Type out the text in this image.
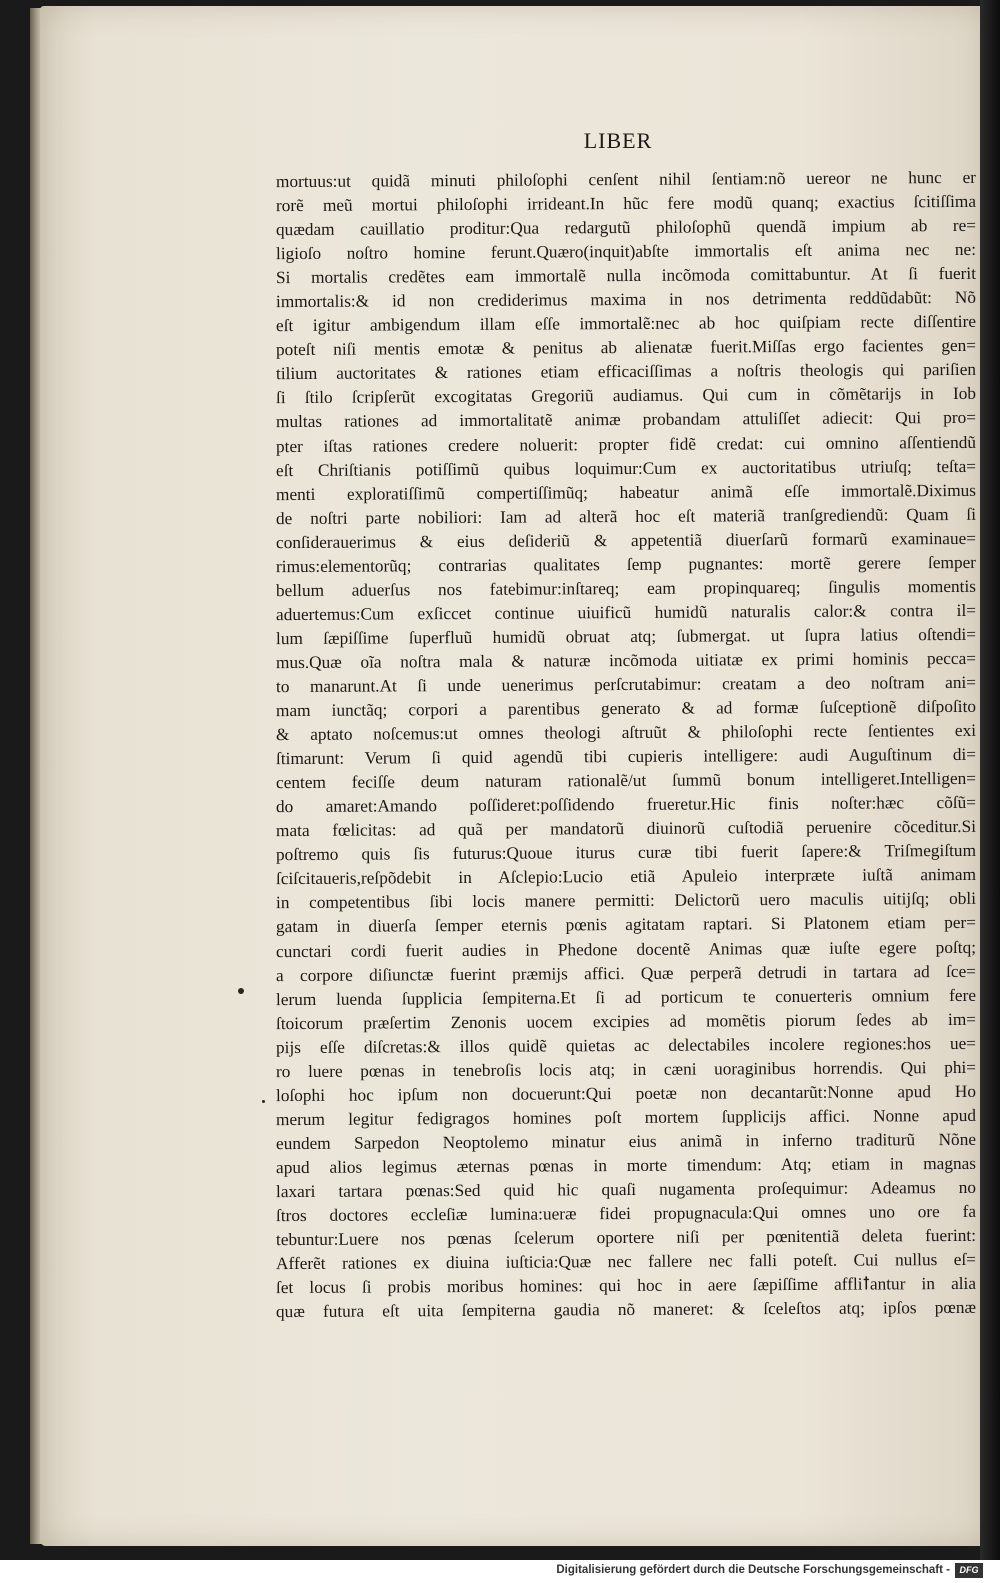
LIBER
mortuus:ut quidã minuti philoſophi cenſent nihil ſentiam:nõ uereor ne hunc er
rorẽ meũ mortui philoſophi irrideant.In hũc fere modũ quanq; exactius ſcitiſſima
quædam cauillatio proditur:Qua redargutũ philoſophũ quendã impium ab re=
ligioſo noſtro homine ferunt.Quæro(inquit)abſte immortalis eſt anima nec ne:
Si mortalis credẽtes eam immortalẽ nulla incõmoda comittabuntur. At ſi fuerit
immortalis:& id non crediderimus maxima in nos detrimenta reddũdabũt: Nõ
eſt igitur ambigendum illam eſſe immortalẽ:nec ab hoc quiſpiam recte diſſentire
poteſt niſi mentis emotæ & penitus ab alienatæ fuerit.Miſſas ergo facientes gen=
tilium auctoritates & rationes etiam efficaciſſimas a noſtris theologis qui pariſien
ſi ſtilo ſcripſerũt excogitatas Gregoriũ audiamus. Qui cum in cõmẽtarijs in Iob
multas rationes ad immortalitatẽ animæ probandam attuliſſet adiecit: Qui pro=
pter iſtas rationes credere noluerit: propter fidẽ credat: cui omnino aſſentiendũ
eſt Chriſtianis potiſſimũ quibus loquimur:Cum ex auctoritatibus utriuſq; teſta=
menti exploratiſſimũ compertiſſimũq; habeatur animã eſſe immortalẽ.Diximus
de noſtri parte nobiliori: Iam ad alterã hoc eſt materiã tranſgrediendũ: Quam ſi
conſiderauerimus & eius deſideriũ & appetentiã diuerſarũ formarũ examinaue=
rimus:elementorũq; contrarias qualitates ſemp pugnantes: mortẽ gerere ſemper
bellum aduerſus nos fatebimur:inſtareq; eam propinquareq; ſingulis momentis
aduertemus:Cum exſiccet continue uiuificũ humidũ naturalis calor:& contra il=
lum ſæpiſſime ſuperfluũ humidũ obruat atq; ſubmergat. ut ſupra latius oſtendi=
mus.Quæ oĩa noſtra mala & naturæ incõmoda uitiatæ ex primi hominis pecca=
to manarunt.At ſi unde uenerimus perſcrutabimur: creatam a deo noſtram ani=
mam iunctãq; corpori a parentibus generato & ad formæ ſuſceptionẽ diſpoſito
& aptato noſcemus:ut omnes theologi aſtruũt & philoſophi recte ſentientes exi
ſtimarunt: Verum ſi quid agendũ tibi cupieris intelligere: audi Auguſtinum di=
centem feciſſe deum naturam rationalẽ/ut ſummũ bonum intelligeret.Intelligen=
do amaret:Amando poſſideret:poſſidendo frueretur.Hic finis noſter:hæc cõſũ=
mata fœlicitas: ad quã per mandatorũ diuinorũ cuſtodiã peruenire cõceditur.Si
poſtremo quis ſis futurus:Quoue iturus curæ tibi fuerit ſapere:& Triſmegiſtum
ſciſcitaueris,reſpõdebit in Aſclepio:Lucio etiã Apuleio interpræte iuſtã animam
in competentibus ſibi locis manere permitti: Delictorũ uero maculis uitijſq; obli
gatam in diuerſa ſemper eternis pœnis agitatam raptari. Si Platonem etiam per=
cunctari cordi fuerit audies in Phedone docentẽ Animas quæ iuſte egere poſtq;
a corpore diſiunctæ fuerint præmijs affici. Quæ perperã detrudi in tartara ad ſce=
lerum luenda ſupplicia ſempiterna.Et ſi ad porticum te conuerteris omnium fere
ſtoicorum præſertim Zenonis uocem excipies ad momẽtis piorum ſedes ab im=
pijs eſſe diſcretas:& illos quidẽ quietas ac delectabiles incolere regiones:hos ue=
ro luere pœnas in tenebroſis locis atq; in cæni uoraginibus horrendis. Qui phi=
loſophi hoc ipſum non docuerunt:Qui poetæ non decantarũt:Nonne apud Ho
merum legitur fedigragos homines poſt mortem ſupplicijs affici. Nonne apud
eundem Sarpedon Neoptolemo minatur eius animã in inferno traditurũ Nõne
apud alios legimus æternas pœnas in morte timendum: Atq; etiam in magnas
laxari tartara pœnas:Sed quid hic quaſi nugamenta proſequimur: Adeamus no
ſtros doctores eccleſiæ lumina:ueræ fidei propugnacula:Qui omnes uno ore fa
tebuntur:Luere nos pœnas ſcelerum oportere niſi per pœnitentiã deleta fuerint:
Afferẽt rationes ex diuina iuſticia:Quæ nec fallere nec falli poteſt. Cui nullus eſ=
ſet locus ſi probis moribus homines: qui hoc in aere ſæpiſſime affliꝉantur in alia
quæ futura eſt uita ſempiterna gaudia nõ maneret: & ſceleſtos atq; ipſos pœnæ
Digitalisierung gefördert durch die Deutsche Forschungsgemeinschaft -	DFG
